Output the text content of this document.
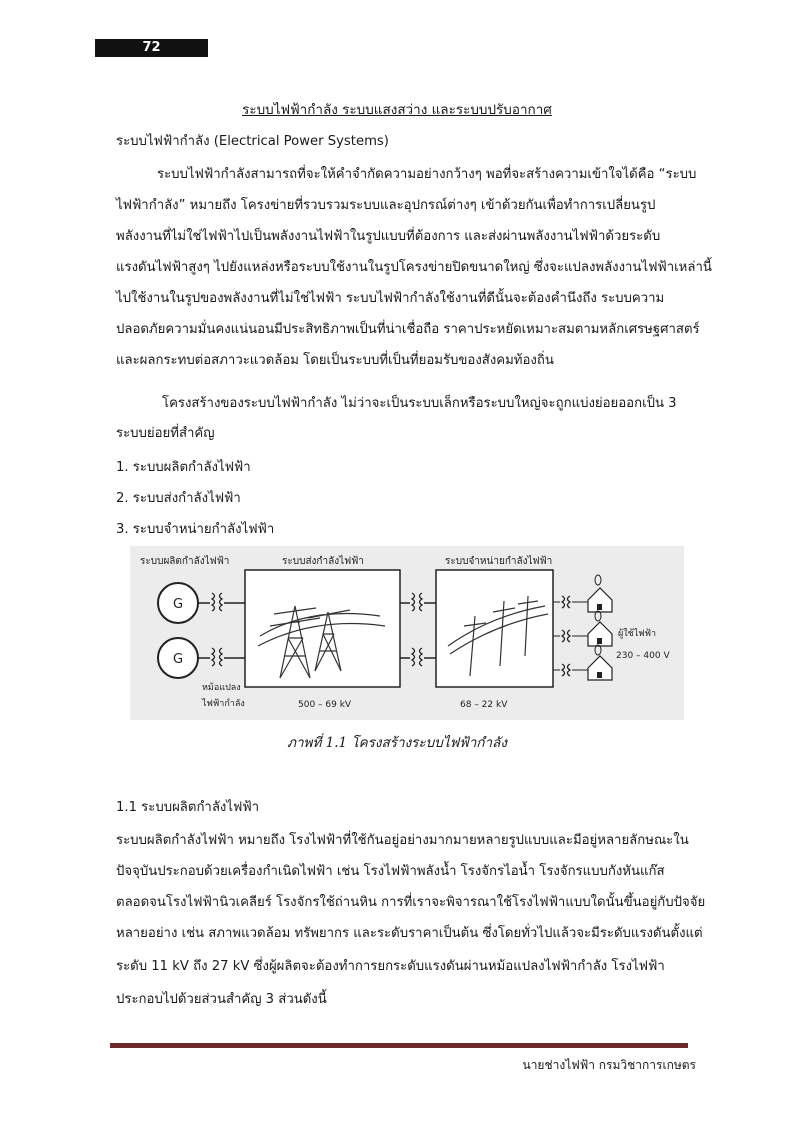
72
ระบบไฟฟ้ากำลัง ระบบแสงสว่าง และระบบปรับอากาศ
ระบบไฟฟ้ากำลัง (Electrical Power Systems)
ระบบไฟฟ้ากำลังสามารถที่จะให้คำจำกัดความอย่างกว้างๆ พอที่จะสร้างความเข้าใจได้คือ “ระบบ
ไฟฟ้ากำลัง” หมายถึง โครงข่ายที่รวบรวมระบบและอุปกรณ์ต่างๆ เข้าด้วยกันเพื่อทำการเปลี่ยนรูป
พลังงานที่ไม่ใช่ไฟฟ้าไปเป็นพลังงานไฟฟ้าในรูปแบบที่ต้องการ และส่งผ่านพลังงานไฟฟ้าด้วยระดับ
แรงดันไฟฟ้าสูงๆ ไปยังแหล่งหรือระบบใช้งานในรูปโครงข่ายปิดขนาดใหญ่ ซึ่งจะแปลงพลังงานไฟฟ้าเหล่านี้
ไปใช้งานในรูปของพลังงานที่ไม่ใช่ไฟฟ้า ระบบไฟฟ้ากำลังใช้งานที่ดีนั้นจะต้องคำนึงถึง ระบบความ
ปลอดภัยความมั่นคงแน่นอนมีประสิทธิภาพเป็นที่น่าเชื่อถือ ราคาประหยัดเหมาะสมตามหลักเศรษฐศาสตร์
และผลกระทบต่อสภาวะแวดล้อม โดยเป็นระบบที่เป็นที่ยอมรับของสังคมท้องถิ่น
โครงสร้างของระบบไฟฟ้ากำลัง ไม่ว่าจะเป็นระบบเล็กหรือระบบใหญ่จะถูกแบ่งย่อยออกเป็น 3
ระบบย่อยที่สำคัญ
1. ระบบผลิตกำลังไฟฟ้า
2. ระบบส่งกำลังไฟฟ้า
3. ระบบจำหน่ายกำลังไฟฟ้า
ระบบผลิตกำลังไฟฟ้า	ระบบส่งกำลังไฟฟ้า	ระบบจำหน่ายกำลังไฟฟ้า
G
G
หม้อแปลง
ไฟฟ้ากำลัง	500 – 69 kV	68 – 22 kV
ผู้ใช้ไฟฟ้า
230 – 400 V
ภาพที่ 1.1 โครงสร้างระบบไฟฟ้ากำลัง
1.1 ระบบผลิตกำลังไฟฟ้า
ระบบผลิตกำลังไฟฟ้า หมายถึง โรงไฟฟ้าที่ใช้กันอยู่อย่างมากมายหลายรูปแบบและมีอยู่หลายลักษณะใน
ปัจจุบันประกอบด้วยเครื่องกำเนิดไฟฟ้า เช่น โรงไฟฟ้าพลังน้ำ โรงจักรไอน้ำ โรงจักรแบบกังหันแก๊ส
ตลอดจนโรงไฟฟ้านิวเคลียร์ โรงจักรใช้ถ่านหิน การที่เราจะพิจารณาใช้โรงไฟฟ้าแบบใดนั้นขึ้นอยู่กับปัจจัย
หลายอย่าง เช่น สภาพแวดล้อม ทรัพยากร และระดับราคาเป็นต้น ซึ่งโดยทั่วไปแล้วจะมีระดับแรงดันตั้งแต่
ระดับ 11 kV ถึง 27 kV ซึ่งผู้ผลิตจะต้องทำการยกระดับแรงดันผ่านหม้อแปลงไฟฟ้ากำลัง โรงไฟฟ้า
ประกอบไปด้วยส่วนสำคัญ 3 ส่วนดังนี้
นายช่างไฟฟ้า กรมวิชาการเกษตร
